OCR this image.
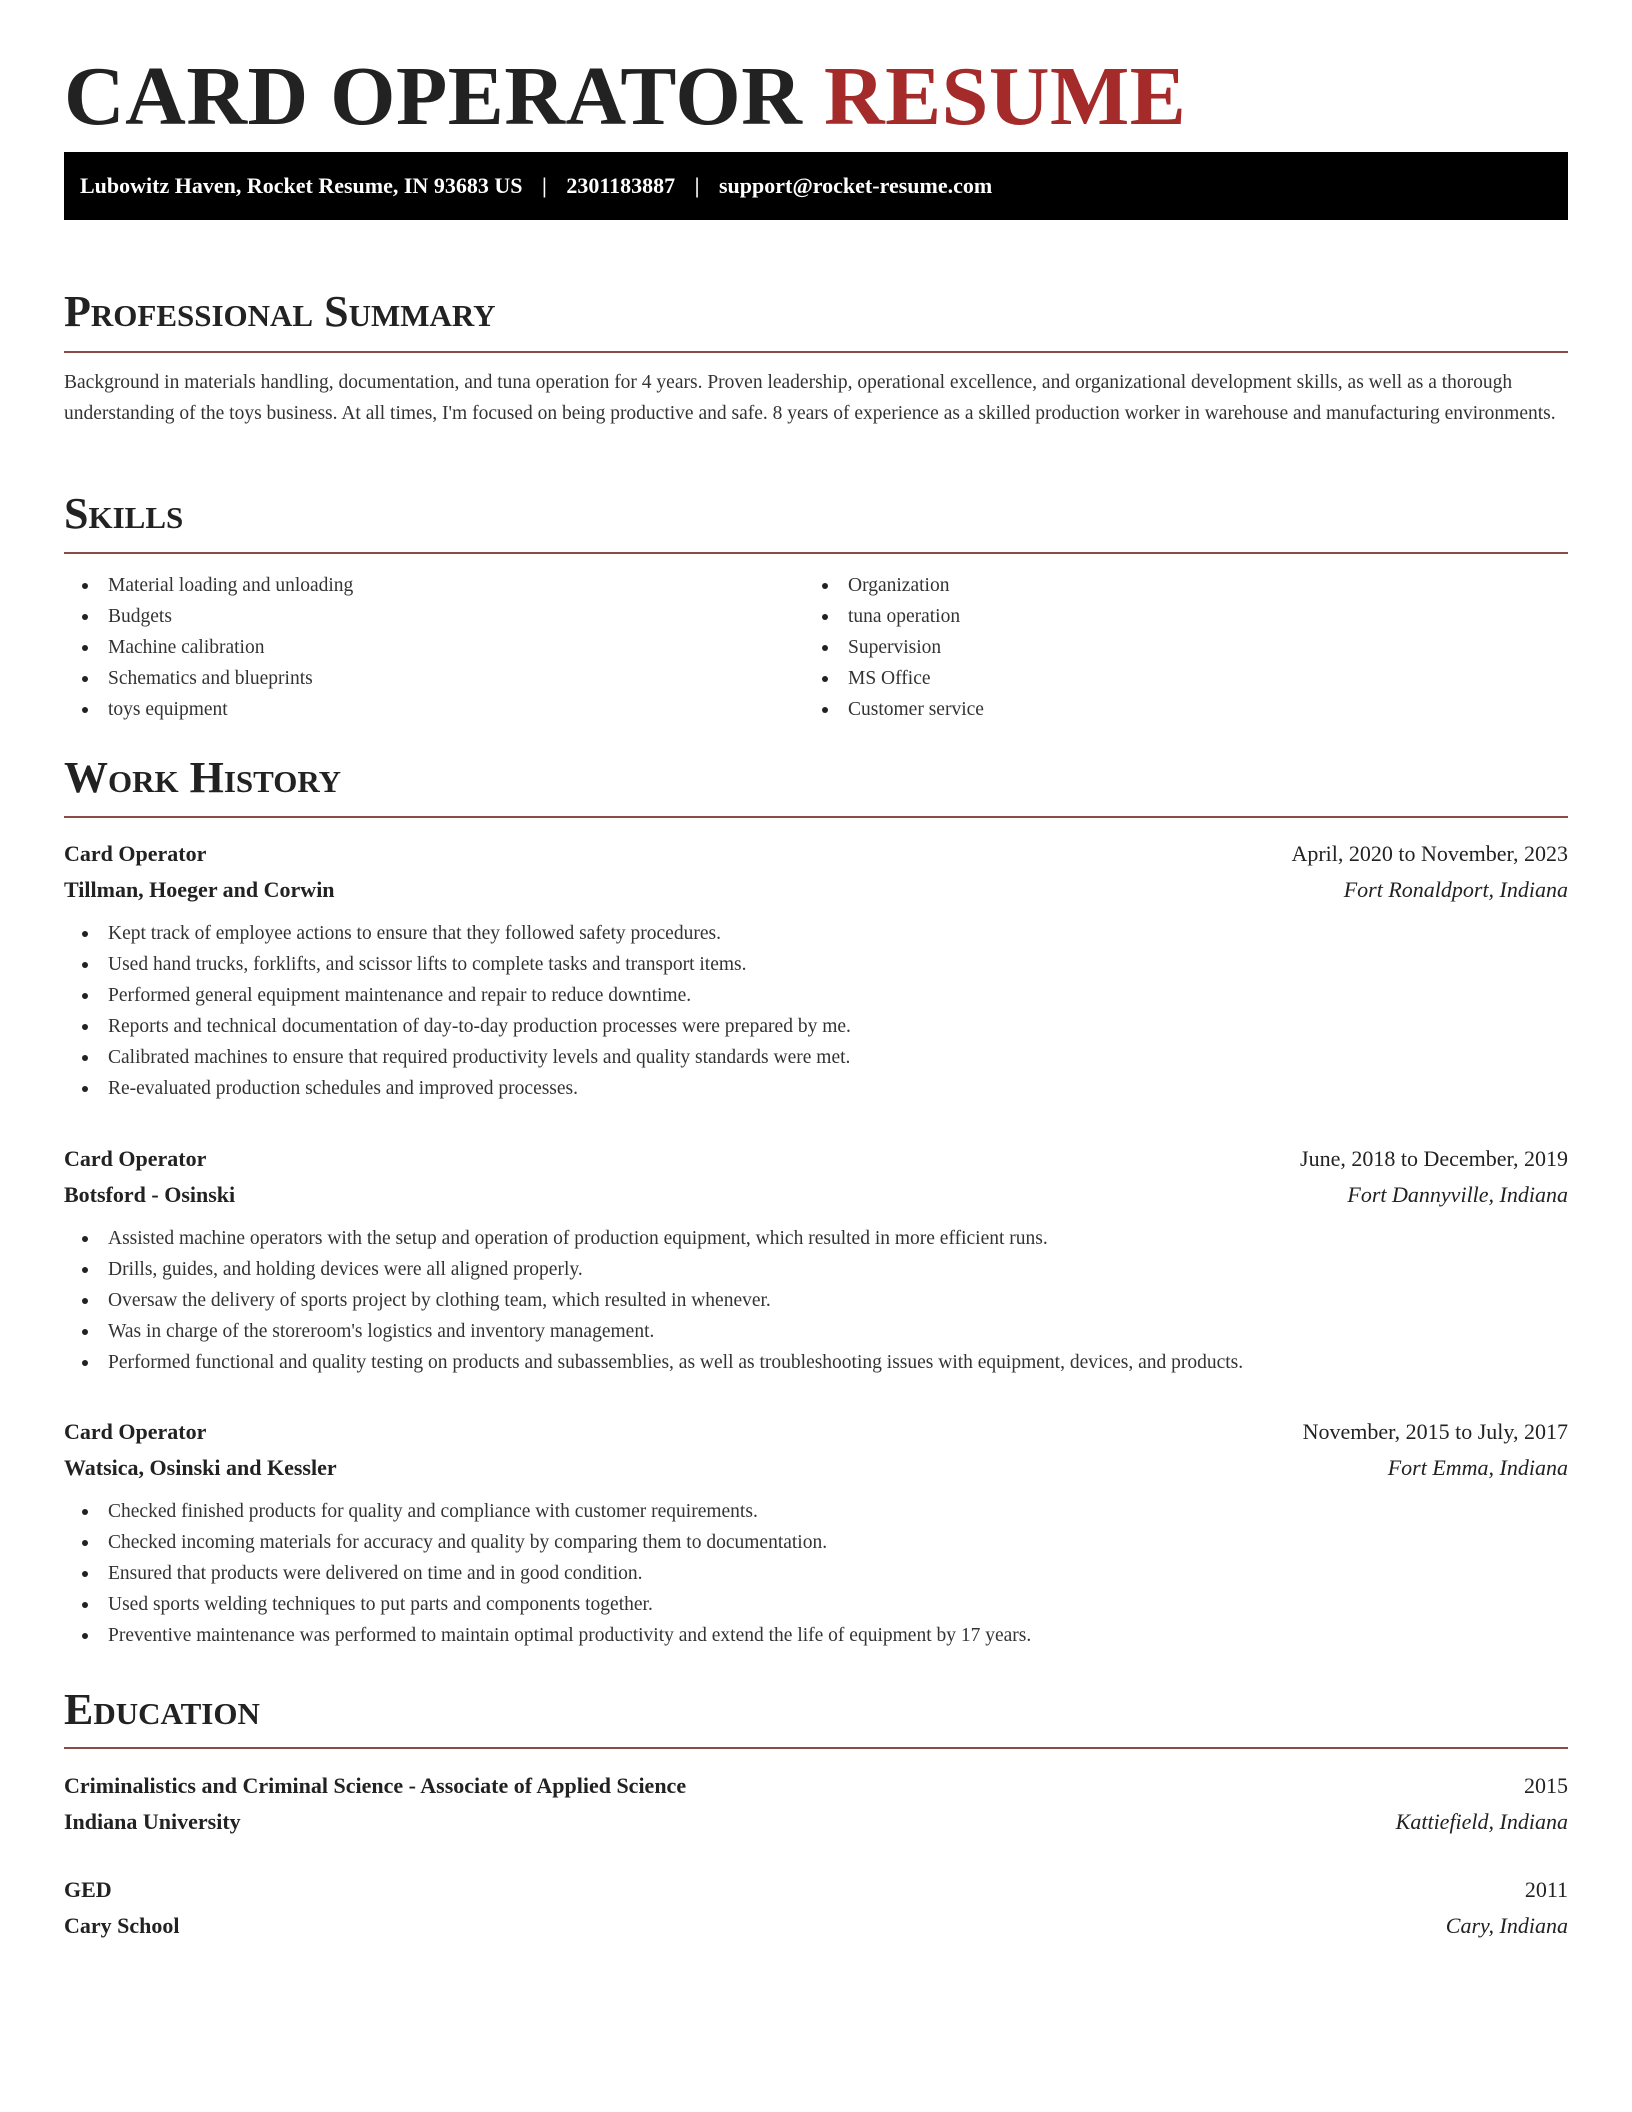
CARD OPERATOR RESUME
Lubowitz Haven, Rocket Resume, IN 93683 US | 2301183887 | support@rocket-resume.com
Professional Summary

Background in materials handling, documentation, and tuna operation for 4 years. Proven leadership, operational excellence, and organizational development skills, as well as a thorough understanding of the toys business. At all times, I'm focused on being productive and safe. 8 years of experience as a skilled production worker in warehouse and manufacturing environments.

Skills
Material loading and unloading
Budgets
Machine calibration
Schematics and blueprints
toys equipment
Organization
tuna operation
Supervision
MS Office
Customer service
Work History
Card Operator	April, 2020 to November, 2023
Tillman, Hoeger and Corwin	Fort Ronaldport, Indiana
Kept track of employee actions to ensure that they followed safety procedures.
Used hand trucks, forklifts, and scissor lifts to complete tasks and transport items.
Performed general equipment maintenance and repair to reduce downtime.
Reports and technical documentation of day-to-day production processes were prepared by me.
Calibrated machines to ensure that required productivity levels and quality standards were met.
Re-evaluated production schedules and improved processes.
Card Operator	June, 2018 to December, 2019
Botsford - Osinski	Fort Dannyville, Indiana
Assisted machine operators with the setup and operation of production equipment, which resulted in more efficient runs.
Drills, guides, and holding devices were all aligned properly.
Oversaw the delivery of sports project by clothing team, which resulted in whenever.
Was in charge of the storeroom's logistics and inventory management.
Performed functional and quality testing on products and subassemblies, as well as troubleshooting issues with equipment, devices, and products.
Card Operator	November, 2015 to July, 2017
Watsica, Osinski and Kessler	Fort Emma, Indiana
Checked finished products for quality and compliance with customer requirements.
Checked incoming materials for accuracy and quality by comparing them to documentation.
Ensured that products were delivered on time and in good condition.
Used sports welding techniques to put parts and components together.
Preventive maintenance was performed to maintain optimal productivity and extend the life of equipment by 17 years.
Education
Criminalistics and Criminal Science - Associate of Applied Science	2015
Indiana University	Kattiefield, Indiana
GED	2011
Cary School	Cary, Indiana
